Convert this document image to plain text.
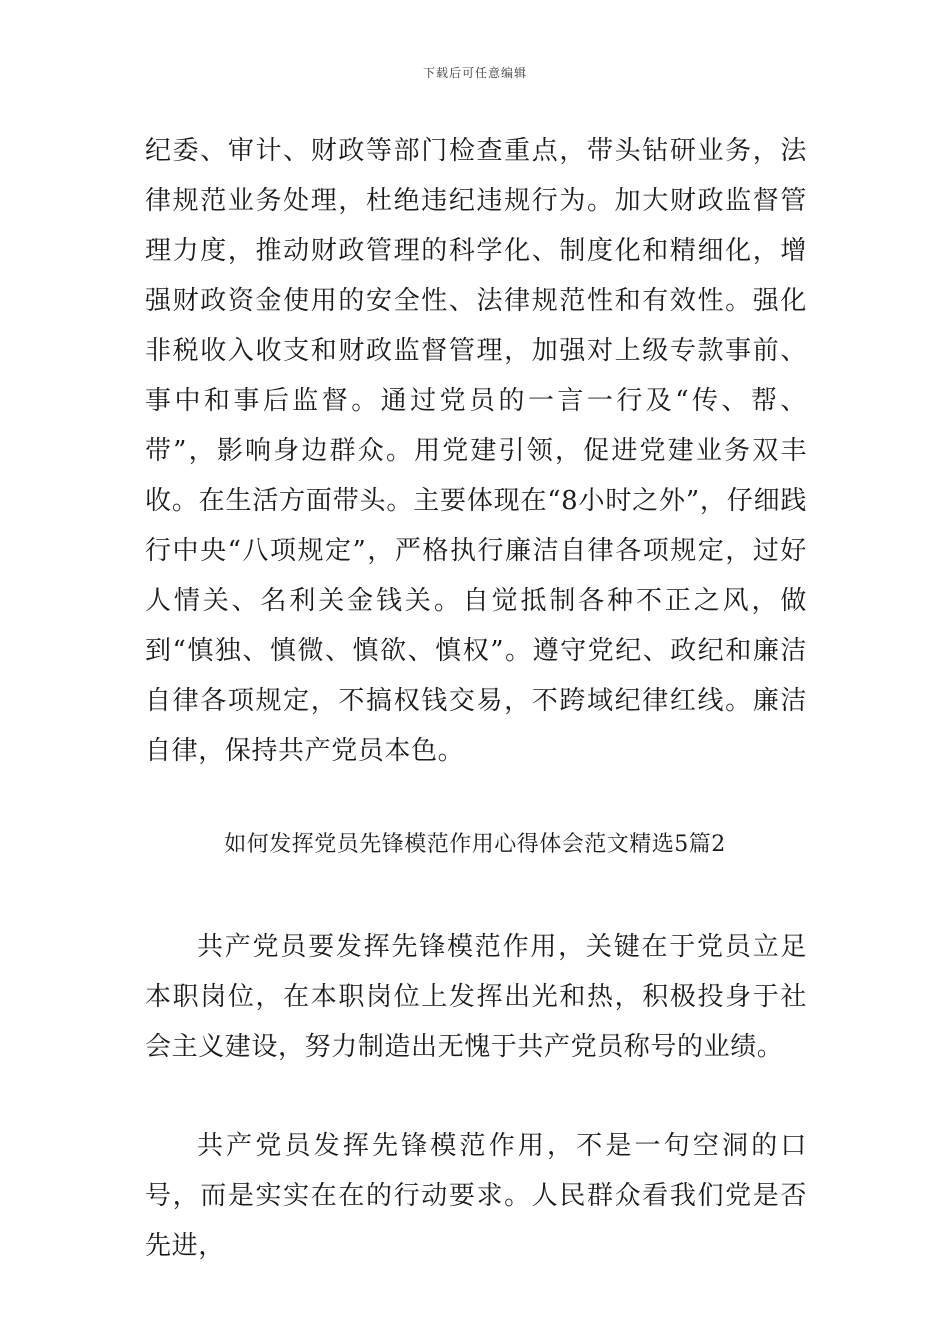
下载后可任意编辑

纪委、审计、财政等部门检查重点，带头钻研业务，法律规范业务处理，杜绝违纪违规行为。加大财政监督管理力度，推动财政管理的科学化、制度化和精细化，增强财政资金使用的安全性、法律规范性和有效性。强化非税收入收支和财政监督管理，加强对上级专款事前、事中和事后监督。通过党员的一言一行及“传、帮、带”，影响身边群众。用党建引领，促进党建业务双丰收。在生活方面带头。主要体现在“8小时之外”，仔细践行中央“八项规定”，严格执行廉洁自律各项规定，过好人情关、名利关金钱关。自觉抵制各种不正之风，做到“慎独、慎微、慎欲、慎权”。遵守党纪、政纪和廉洁自律各项规定，不搞权钱交易，不跨域纪律红线。廉洁自律，保持共产党员本色。

如何发挥党员先锋模范作用心得体会范文精选5篇2

共产党员要发挥先锋模范作用，关键在于党员立足本职岗位，在本职岗位上发挥出光和热，积极投身于社会主义建设，努力制造出无愧于共产党员称号的业绩。

共产党员发挥先锋模范作用，不是一句空洞的口号，而是实实在在的行动要求。人民群众看我们党是否先进，
